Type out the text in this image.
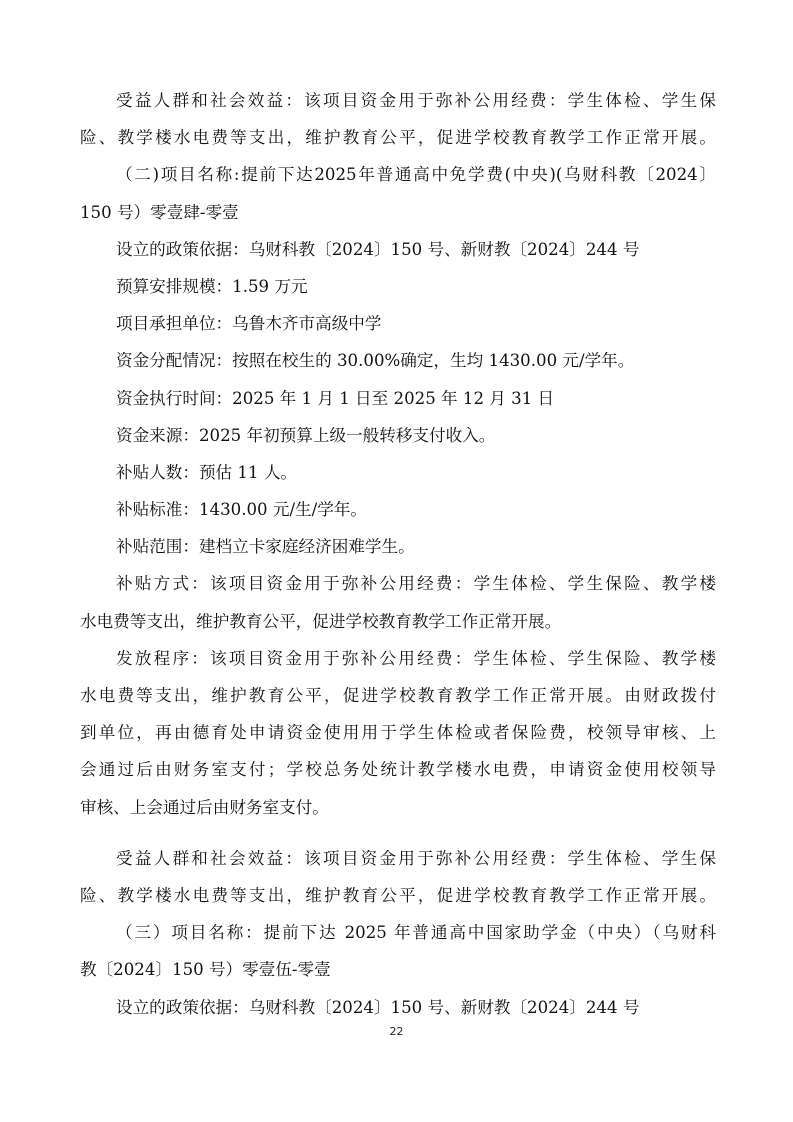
受益人群和社会效益：该项目资金用于弥补公用经费：学生体检、学生保
险、教学楼水电费等支出，维护教育公平，促进学校教育教学工作正常开展。
（二)项目名称:提前下达2025年普通高中免学费(中央)(乌财科教〔2024〕
150 号）零壹肆-零壹
设立的政策依据：乌财科教〔2024〕150 号、新财教〔2024〕244 号
预算安排规模：1.59 万元
项目承担单位：乌鲁木齐市高级中学
资金分配情况：按照在校生的 30.00%确定，生均 1430.00 元/学年。
资金执行时间：2025 年 1 月 1 日至 2025 年 12 月 31 日
资金来源：2025 年初预算上级一般转移支付收入。
补贴人数：预估 11 人。
补贴标准：1430.00 元/生/学年。
补贴范围：建档立卡家庭经济困难学生。
补贴方式：该项目资金用于弥补公用经费：学生体检、学生保险、教学楼
水电费等支出，维护教育公平，促进学校教育教学工作正常开展。
发放程序：该项目资金用于弥补公用经费：学生体检、学生保险、教学楼
水电费等支出，维护教育公平，促进学校教育教学工作正常开展。由财政拨付
到单位，再由德育处申请资金使用用于学生体检或者保险费，校领导审核、上
会通过后由财务室支付；学校总务处统计教学楼水电费，申请资金使用校领导
审核、上会通过后由财务室支付。
受益人群和社会效益：该项目资金用于弥补公用经费：学生体检、学生保
险、教学楼水电费等支出，维护教育公平，促进学校教育教学工作正常开展。
（三）项目名称：提前下达 2025 年普通高中国家助学金（中央）（乌财科
教〔2024〕150 号）零壹伍-零壹
设立的政策依据：乌财科教〔2024〕150 号、新财教〔2024〕244 号
22
